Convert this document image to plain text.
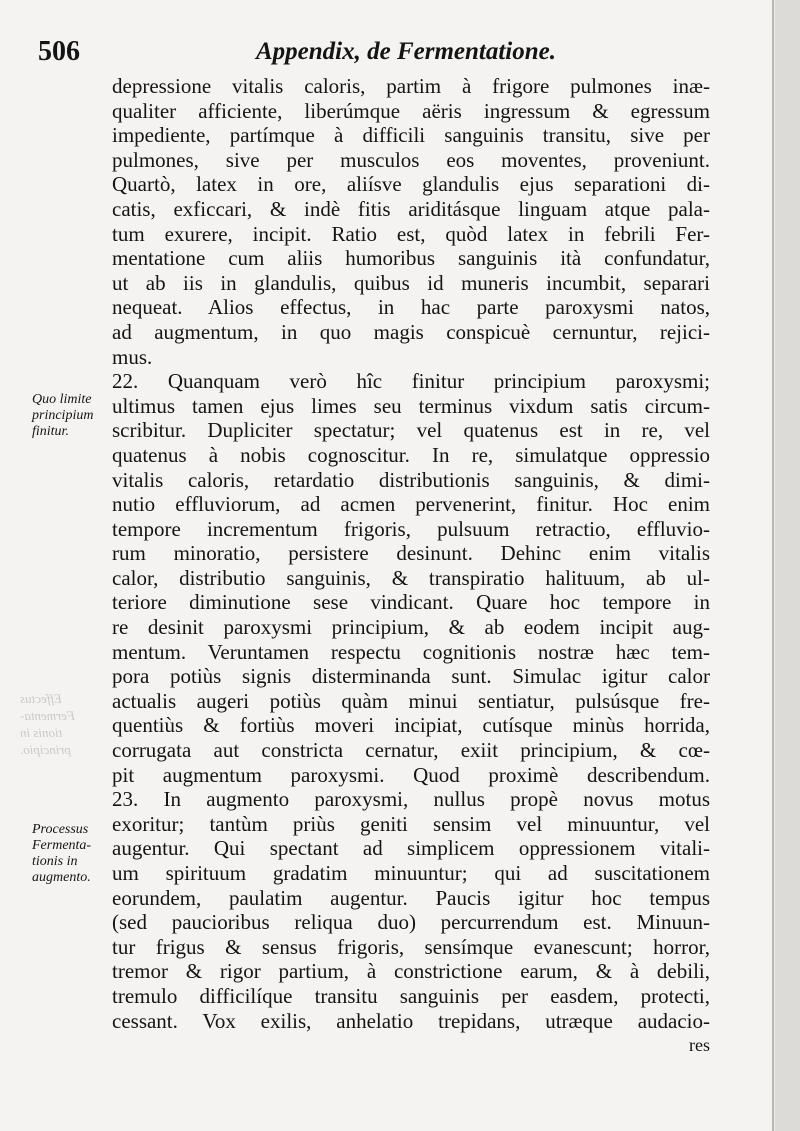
506	Appendix, de Fermentatione.
Effectus
Fermenta-
tionis in
principio.
Quo limite
principium
finitur.
Processus
Fermenta-
tionis in
augmento.
depressione vitalis caloris, partim à frigore pulmones inæ-
qualiter afficiente, liberúmque aëris ingressum & egressum
impediente, partímque à difficili sanguinis transitu, sive per
pulmones, sive per musculos eos moventes, proveniunt.
Quartò, latex in ore, aliísve glandulis ejus separationi di-
catis, exficcari, & indè fitis ariditásque linguam atque pala-
tum exurere, incipit. Ratio est, quòd latex in febrili Fer-
mentatione cum aliis humoribus sanguinis ità confundatur,
ut ab iis in glandulis, quibus id muneris incumbit, separari
nequeat. Alios effectus, in hac parte paroxysmi natos,
ad augmentum, in quo magis conspicuè cernuntur, rejici-
mus.
22. Quanquam verò hîc finitur principium paroxysmi;
ultimus tamen ejus limes seu terminus vixdum satis circum-
scribitur. Dupliciter spectatur; vel quatenus est in re, vel
quatenus à nobis cognoscitur. In re, simulatque oppressio
vitalis caloris, retardatio distributionis sanguinis, & dimi-
nutio effluviorum, ad acmen pervenerint, finitur. Hoc enim
tempore incrementum frigoris, pulsuum retractio, effluvio-
rum minoratio, persistere desinunt. Dehinc enim vitalis
calor, distributio sanguinis, & transpiratio halituum, ab ul-
teriore diminutione sese vindicant. Quare hoc tempore in
re desinit paroxysmi principium, & ab eodem incipit aug-
mentum. Veruntamen respectu cognitionis nostræ hæc tem-
pora potiùs signis disterminanda sunt. Simulac igitur calor
actualis augeri potiùs quàm minui sentiatur, pulsúsque fre-
quentiùs & fortiùs moveri incipiat, cutísque minùs horrida,
corrugata aut constricta cernatur, exiit principium, & cœ-
pit augmentum paroxysmi. Quod proximè describendum.
23. In augmento paroxysmi, nullus propè novus motus
exoritur; tantùm priùs geniti sensim vel minuuntur, vel
augentur. Qui spectant ad simplicem oppressionem vitali-
um spirituum gradatim minuuntur; qui ad suscitationem
eorundem, paulatim augentur. Paucis igitur hoc tempus
(sed paucioribus reliqua duo) percurrendum est. Minuun-
tur frigus & sensus frigoris, sensímque evanescunt; horror,
tremor & rigor partium, à constrictione earum, & à debili,
tremulo difficilíque transitu sanguinis per easdem, protecti,
cessant. Vox exilis, anhelatio trepidans, utræque audacio-
res
